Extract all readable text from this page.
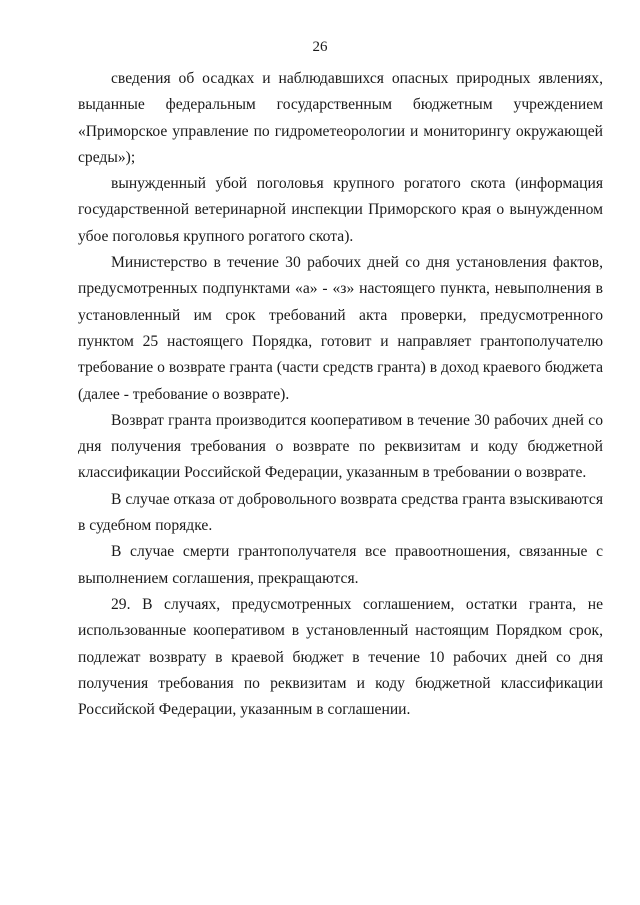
26

сведения об осадках и наблюдавшихся опасных природных явлениях, выданные федеральным государственным бюджетным учреждением «Приморское управление по гидрометеорологии и мониторингу окружающей среды»);

вынужденный убой поголовья крупного рогатого скота (информация государственной ветеринарной инспекции Приморского края о вынужденном убое поголовья крупного рогатого скота).

Министерство в течение 30 рабочих дней со дня установления фактов, предусмотренных подпунктами «а» - «з» настоящего пункта, невыполнения в установленный им срок требований акта проверки, предусмотренного пунктом 25 настоящего Порядка, готовит и направляет грантополучателю требование о возврате гранта (части средств гранта) в доход краевого бюджета (далее - требование о возврате).

Возврат гранта производится кооперативом в течение 30 рабочих дней со дня получения требования о возврате по реквизитам и коду бюджетной классификации Российской Федерации, указанным в требовании о возврате.

В случае отказа от добровольного возврата средства гранта взыскиваются в судебном порядке.

В случае смерти грантополучателя все правоотношения, связанные с выполнением соглашения, прекращаются.

29. В случаях, предусмотренных соглашением, остатки гранта, не использованные кооперативом в установленный настоящим Порядком срок, подлежат возврату в краевой бюджет в течение 10 рабочих дней со дня получения требования по реквизитам и коду бюджетной классификации Российской Федерации, указанным в соглашении.
